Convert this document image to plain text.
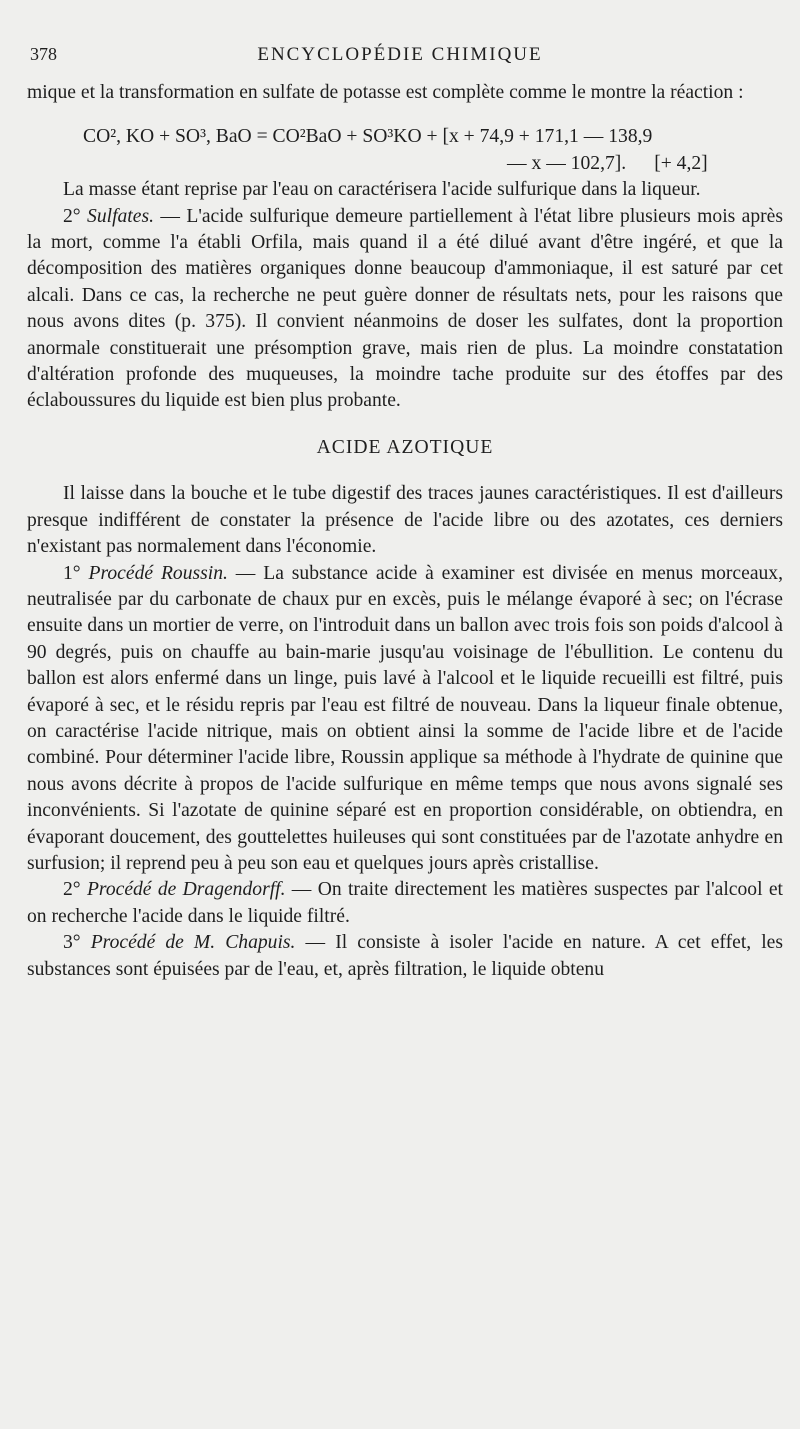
378	ENCYCLOPÉDIE CHIMIQUE

mique et la transformation en sulfate de potasse est complète comme le montre la réaction :

CO², KO + SO³, BaO = CO²BaO + SO³KO + [x + 74,9 + 171,1 — 138,9
— x — 102,7]. [+ 4,2]

La masse étant reprise par l'eau on caractérisera l'acide sulfurique dans la liqueur.

2° Sulfates. — L'acide sulfurique demeure partiellement à l'état libre plusieurs mois après la mort, comme l'a établi Orfila, mais quand il a été dilué avant d'être ingéré, et que la décomposition des matières organiques donne beaucoup d'ammoniaque, il est saturé par cet alcali. Dans ce cas, la recherche ne peut guère donner de résultats nets, pour les raisons que nous avons dites (p. 375). Il convient néanmoins de doser les sulfates, dont la proportion anormale constituerait une présomption grave, mais rien de plus. La moindre constatation d'altération profonde des muqueuses, la moindre tache produite sur des étoffes par des éclaboussures du liquide est bien plus probante.

ACIDE AZOTIQUE

Il laisse dans la bouche et le tube digestif des traces jaunes caractéristiques. Il est d'ailleurs presque indifférent de constater la présence de l'acide libre ou des azotates, ces derniers n'existant pas normalement dans l'économie.

1° Procédé Roussin. — La substance acide à examiner est divisée en menus morceaux, neutralisée par du carbonate de chaux pur en excès, puis le mélange évaporé à sec; on l'écrase ensuite dans un mortier de verre, on l'introduit dans un ballon avec trois fois son poids d'alcool à 90 degrés, puis on chauffe au bain-marie jusqu'au voisinage de l'ébullition. Le contenu du ballon est alors enfermé dans un linge, puis lavé à l'alcool et le liquide recueilli est filtré, puis évaporé à sec, et le résidu repris par l'eau est filtré de nouveau. Dans la liqueur finale obtenue, on caractérise l'acide nitrique, mais on obtient ainsi la somme de l'acide libre et de l'acide combiné. Pour déterminer l'acide libre, Roussin applique sa méthode à l'hydrate de quinine que nous avons décrite à propos de l'acide sulfurique en même temps que nous avons signalé ses inconvénients. Si l'azotate de quinine séparé est en proportion considérable, on obtiendra, en évaporant doucement, des gouttelettes huileuses qui sont constituées par de l'azotate anhydre en surfusion; il reprend peu à peu son eau et quelques jours après cristallise.

2° Procédé de Dragendorff. — On traite directement les matières suspectes par l'alcool et on recherche l'acide dans le liquide filtré.

3° Procédé de M. Chapuis. — Il consiste à isoler l'acide en nature. A cet effet, les substances sont épuisées par de l'eau, et, après filtration, le liquide obtenu
